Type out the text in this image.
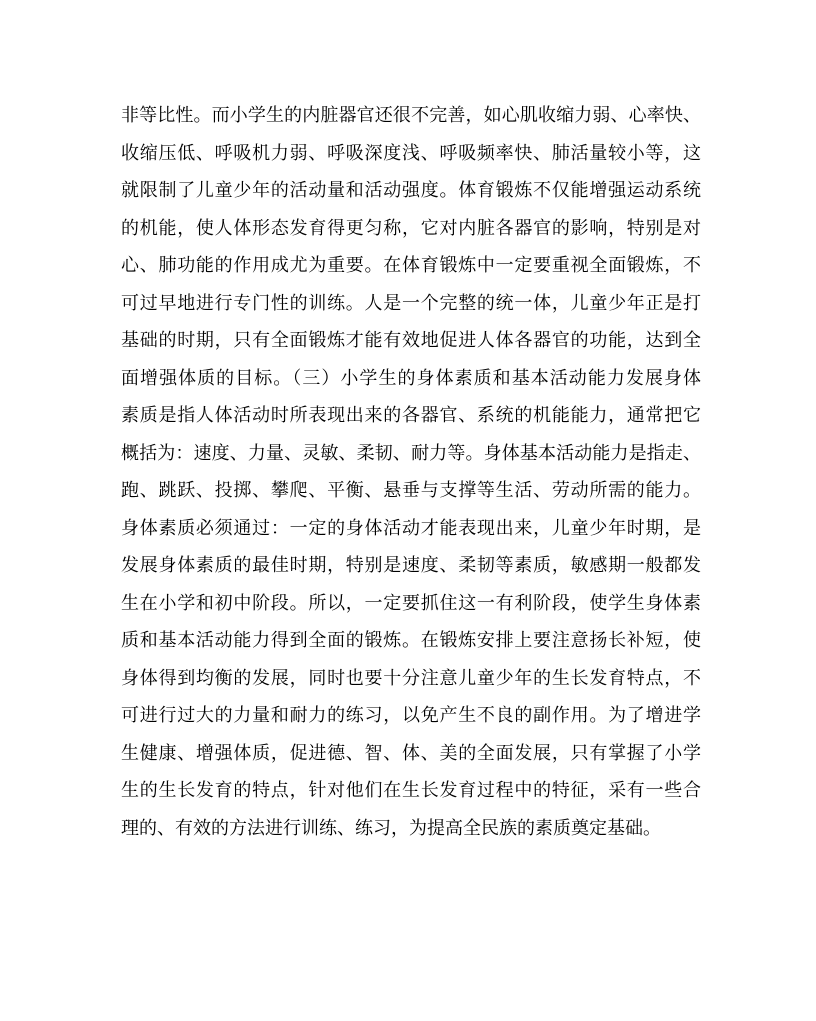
非等比性。而小学生的内脏器官还很不完善，如心肌收缩力弱、心率快、
收缩压低、呼吸机力弱、呼吸深度浅、呼吸频率快、肺活量较小等，这
就限制了儿童少年的活动量和活动强度。体育锻炼不仅能增强运动系统
的机能，使人体形态发育得更匀称，它对内脏各器官的影响，特别是对
心、肺功能的作用成尤为重要。在体育锻炼中一定要重视全面锻炼，不
可过早地进行专门性的训练。人是一个完整的统一体，儿童少年正是打
基础的时期，只有全面锻炼才能有效地促进人体各器官的功能，达到全
面增强体质的目标。（三）小学生的身体素质和基本活动能力发展身体
素质是指人体活动时所表现出来的各器官、系统的机能能力，通常把它
概括为：速度、力量、灵敏、柔韧、耐力等。身体基本活动能力是指走、
跑、跳跃、投掷、攀爬、平衡、悬垂与支撑等生活、劳动所需的能力。
身体素质必须通过：一定的身体活动才能表现出来，儿童少年时期，是
发展身体素质的最佳时期，特别是速度、柔韧等素质，敏感期一般都发
生在小学和初中阶段。所以，一定要抓住这一有利阶段，使学生身体素
质和基本活动能力得到全面的锻炼。在锻炼安排上要注意扬长补短，使
身体得到均衡的发展，同时也要十分注意儿童少年的生长发育特点，不
可进行过大的力量和耐力的练习，以免产生不良的副作用。为了增进学
生健康、增强体质，促进德、智、体、美的全面发展，只有掌握了小学
生的生长发育的特点，针对他们在生长发育过程中的特征，采有一些合
理的、有效的方法进行训练、练习，为提高全民族的素质奠定基础。
